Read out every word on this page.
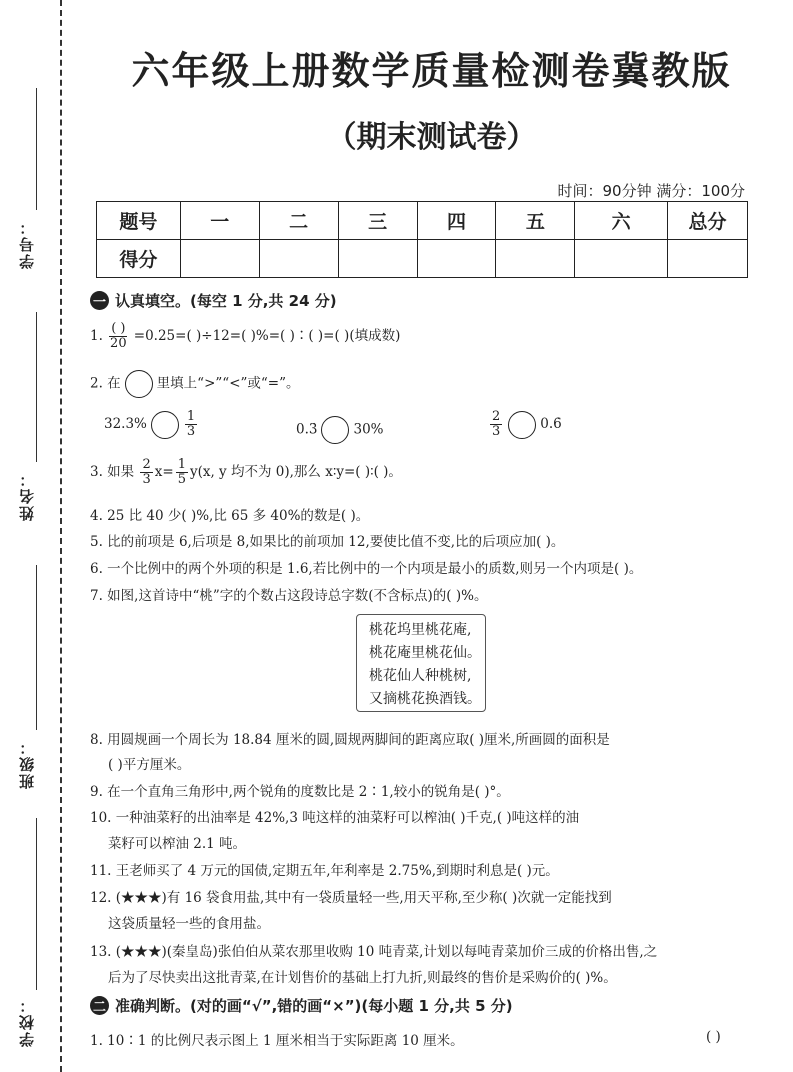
学号：
姓名：
班级：
学校：
六年级上册数学质量检测卷冀教版
（期末测试卷）
时间：90分钟 满分：100分
题号	一	二	三	四	五	六	总分
得分							
一 认真填空。(每空 1 分,共 24 分)
1. $\frac{( )}{20} =0.25=$( )÷12=( )%=( )∶( )=( )(填成数)
2. 在	里填上“>”“<”或“=”。
32.3%	$\frac{1}{3}$	0.3̇	30%	$\frac{2}{3}$	0.6̇
3. 如果 $\frac{2}{3} x= \frac{1}{5} y(x$, y 均不为 0),那么 x∶y=( )∶( )。
4. 25 比 40 少( )%,比 65 多 40%的数是( )。
5. 比的前项是 6,后项是 8,如果比的前项加 12,要使比值不变,比的后项应加( )。
6. 一个比例中的两个外项的积是 1.6,若比例中的一个内项是最小的质数,则另一个内项是( )。
7. 如图,这首诗中“桃”字的个数占这段诗总字数(不含标点)的( )%。
桃花坞里桃花庵,
桃花庵里桃花仙。
桃花仙人种桃树,
又摘桃花换酒钱。
8. 用圆规画一个周长为 18.84 厘米的圆,圆规两脚间的距离应取( )厘米,所画圆的面积是
( )平方厘米。
9. 在一个直角三角形中,两个锐角的度数比是 2∶1,较小的锐角是( )°。
10. 一种油菜籽的出油率是 42%,3 吨这样的油菜籽可以榨油( )千克,( )吨这样的油
菜籽可以榨油 2.1 吨。
11. 王老师买了 4 万元的国债,定期五年,年利率是 2.75%,到期时利息是( )元。
12. (★★★)有 16 袋食用盐,其中有一袋质量轻一些,用天平称,至少称( )次就一定能找到
这袋质量轻一些的食用盐。
13. (★★★)(秦皇岛)张伯伯从菜农那里收购 10 吨青菜,计划以每吨青菜加价三成的价格出售,之
后为了尽快卖出这批青菜,在计划售价的基础上打九折,则最终的售价是采购价的( )%。
二 准确判断。(对的画“√”,错的画“×”)(每小题 1 分,共 5 分)
1. 10∶1 的比例尺表示图上 1 厘米相当于实际距离 10 厘米。	( )
